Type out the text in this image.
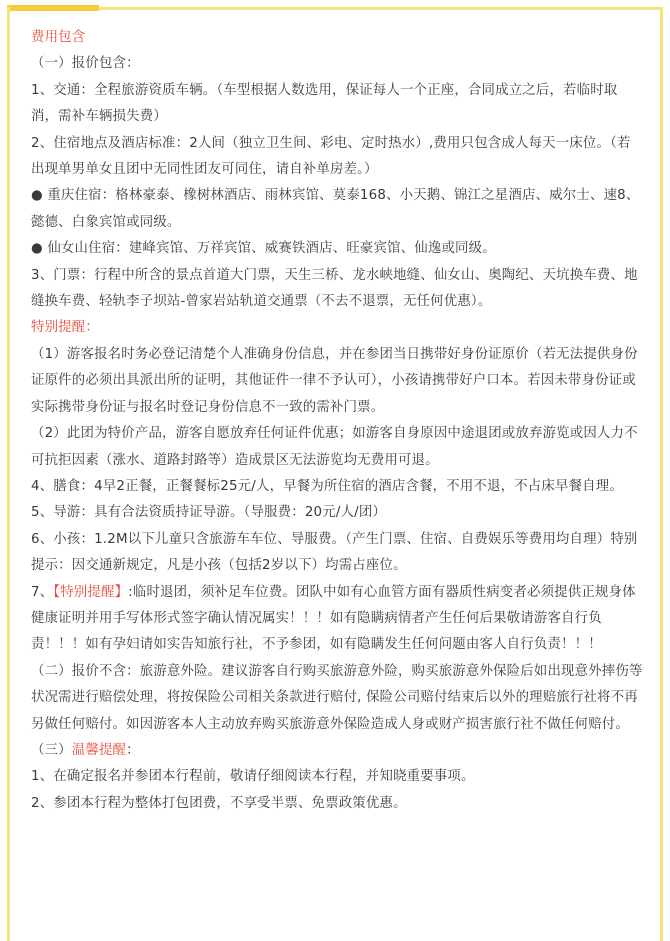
费用包含

（一）报价包含：

1、交通：全程旅游资质车辆。（车型根据人数选用，保证每人一个正座，合同成立之后，若临时取消，需补车辆损失费）

2、住宿地点及酒店标准：2人间（独立卫生间、彩电、定时热水）,费用只包含成人每天一床位。（若出现单男单女且团中无同性团友可同住，请自补单房差。）

● 重庆住宿：格林豪泰、橡树林酒店、雨林宾馆、莫泰168、小天鹅、锦江之星酒店、威尔士、速8、懿德、白象宾馆或同级。

● 仙女山住宿：建峰宾馆、万祥宾馆、威赛铁酒店、旺豪宾馆、仙逸或同级。

3、门票：行程中所含的景点首道大门票，天生三桥、龙水峡地缝、仙女山、奥陶纪、天坑换车费、地缝换车费、轻轨李子坝站-曾家岩站轨道交通票（不去不退票，无任何优惠）。

特别提醒：

（1）游客报名时务必登记清楚个人准确身份信息，并在参团当日携带好身份证原价（若无法提供身份证原件的必须出具派出所的证明，其他证件一律不予认可），小孩请携带好户口本。若因未带身份证或实际携带身份证与报名时登记身份信息不一致的需补门票。

（2）此团为特价产品，游客自愿放弃任何证件优惠；如游客自身原因中途退团或放弃游览或因人力不可抗拒因素（涨水、道路封路等）造成景区无法游览均无费用可退。

4、膳食：4早2正餐，正餐餐标25元/人，早餐为所住宿的酒店含餐，不用不退，不占床早餐自理。

5、导游：具有合法资质持证导游。（导服费：20元/人/团）

6、小孩：1.2M以下儿童只含旅游车车位、导服费。（产生门票、住宿、自费娱乐等费用均自理）特别提示：因交通新规定，凡是小孩（包括2岁以下）均需占座位。

7、【特别提醒】:临时退团，须补足车位费。团队中如有心血管方面有器质性病变者必须提供正规身体健康证明并用手写体形式签字确认情况属实！！！如有隐瞒病情者产生任何后果敬请游客自行负责！！！如有孕妇请如实告知旅行社，不予参团，如有隐瞒发生任何问题由客人自行负责！！！

（二）报价不含：旅游意外险。建议游客自行购买旅游意外险，购买旅游意外保险后如出现意外摔伤等状况需进行赔偿处理，将按保险公司相关条款进行赔付, 保险公司赔付结束后以外的理赔旅行社将不再另做任何赔付。如因游客本人主动放弃购买旅游意外保险造成人身或财产损害旅行社不做任何赔付。

（三）温馨提醒：

1、在确定报名并参团本行程前，敬请仔细阅读本行程，并知晓重要事项。

2、参团本行程为整体打包团费，不享受半票、免票政策优惠。
